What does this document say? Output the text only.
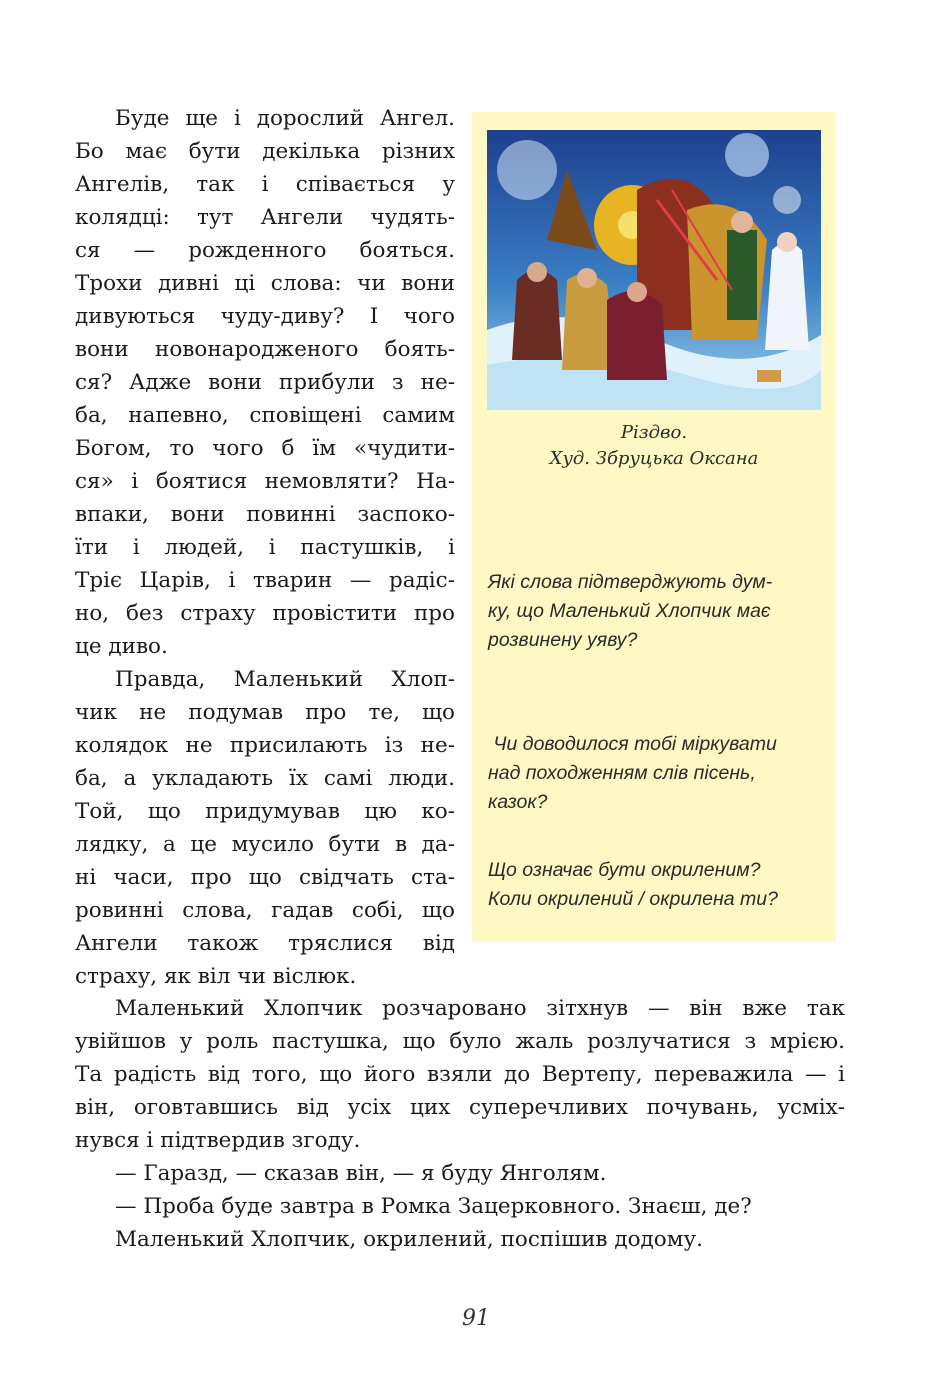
Буде ще і дорослий Ангел.
Бо має бути декілька різних
Ангелів, так і співається у
колядці: тут Ангели чудять-
ся — рожденного бояться.
Трохи дивні ці слова: чи вони
дивуються чуду-диву? І чого
вони новонародженого боять-
ся? Адже вони прибули з не-
ба, напевно, сповіщені самим
Богом, то чого б їм «чудити-
ся» і боятися немовляти? На-
впаки, вони повинні заспоко-
їти і людей, і пастушків, і
Тріє Царів, і тварин — радіс-
но, без страху провістити про
це диво.
Правда, Маленький Хлоп-
чик не подумав про те, що
колядок не присилають із не-
ба, а укладають їх самі люди.
Той, що придумував цю ко-
лядку, а це мусило бути в да-
ні часи, про що свідчать ста-
ровинні слова, гадав собі, що
Ангели також тряслися від
страху, як віл чи віслюк.
Різдво.
Худ. Збруцька Оксана
Які слова підтверджують дум-
ку, що Маленький Хлопчик має
розвинену уяву?
Чи доводилося тобі міркувати
над походженням слів пісень,
казок?
Що означає бути окриленим?
Коли окрилений / окрилена ти?
Маленький Хлопчик розчаровано зітхнув — він вже так
увійшов у роль пастушка, що було жаль розлучатися з мрією.
Та радість від того, що його взяли до Вертепу, переважила — і
він, оговтавшись від усіх цих суперечливих почувань, усміх-
нувся і підтвердив згоду.
— Гаразд, — сказав він, — я буду Янголям.
— Проба буде завтра в Ромка Зацерковного. Знаєш, де?
Маленький Хлопчик, окрилений, поспішив додому.
91
